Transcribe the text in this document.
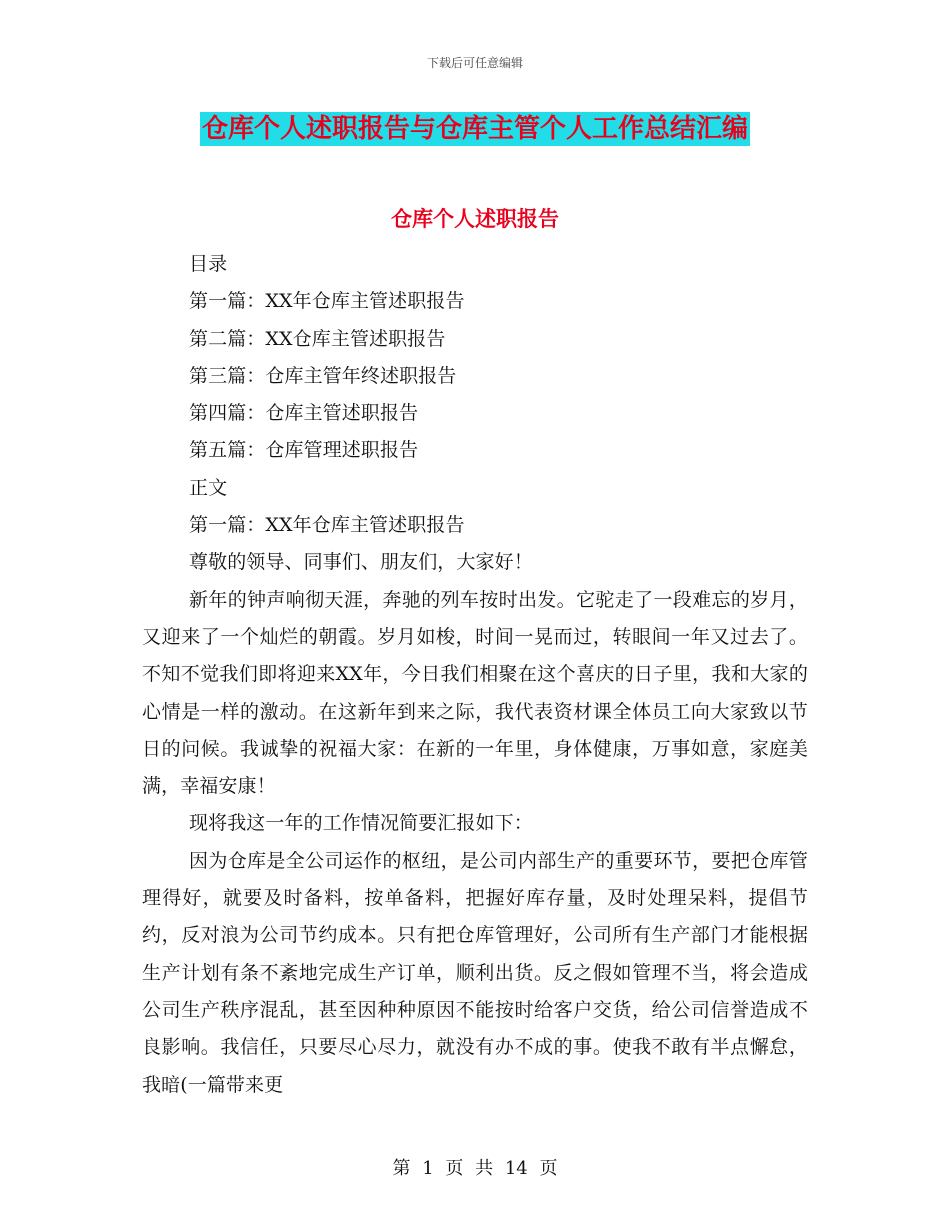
下载后可任意编辑
仓库个人述职报告与仓库主管个人工作总结汇编
仓库个人述职报告

目录

第一篇：XX年仓库主管述职报告

第二篇：XX仓库主管述职报告

第三篇：仓库主管年终述职报告

第四篇：仓库主管述职报告

第五篇：仓库管理述职报告

正文

第一篇：XX年仓库主管述职报告

尊敬的领导、同事们、朋友们，大家好！

新年的钟声响彻天涯，奔驰的列车按时出发。它驼走了一段难忘的岁月，又迎来了一个灿烂的朝霞。岁月如梭，时间一晃而过，转眼间一年又过去了。不知不觉我们即将迎来XX年，今日我们相聚在这个喜庆的日子里，我和大家的心情是一样的激动。在这新年到来之际，我代表资材课全体员工向大家致以节日的问候。我诚挚的祝福大家：在新的一年里，身体健康，万事如意，家庭美满，幸福安康！

现将我这一年的工作情况简要汇报如下：

因为仓库是全公司运作的枢纽，是公司内部生产的重要环节，要把仓库管理得好，就要及时备料，按单备料，把握好库存量，及时处理呆料，提倡节约，反对浪为公司节约成本。只有把仓库管理好，公司所有生产部门才能根据生产计划有条不紊地完成生产订单，顺利出货。反之假如管理不当，将会造成公司生产秩序混乱，甚至因种种原因不能按时给客户交货，给公司信誉造成不良影响。我信任，只要尽心尽力，就没有办不成的事。使我不敢有半点懈怠，我暗(一篇带来更

第 1 页 共 14 页
